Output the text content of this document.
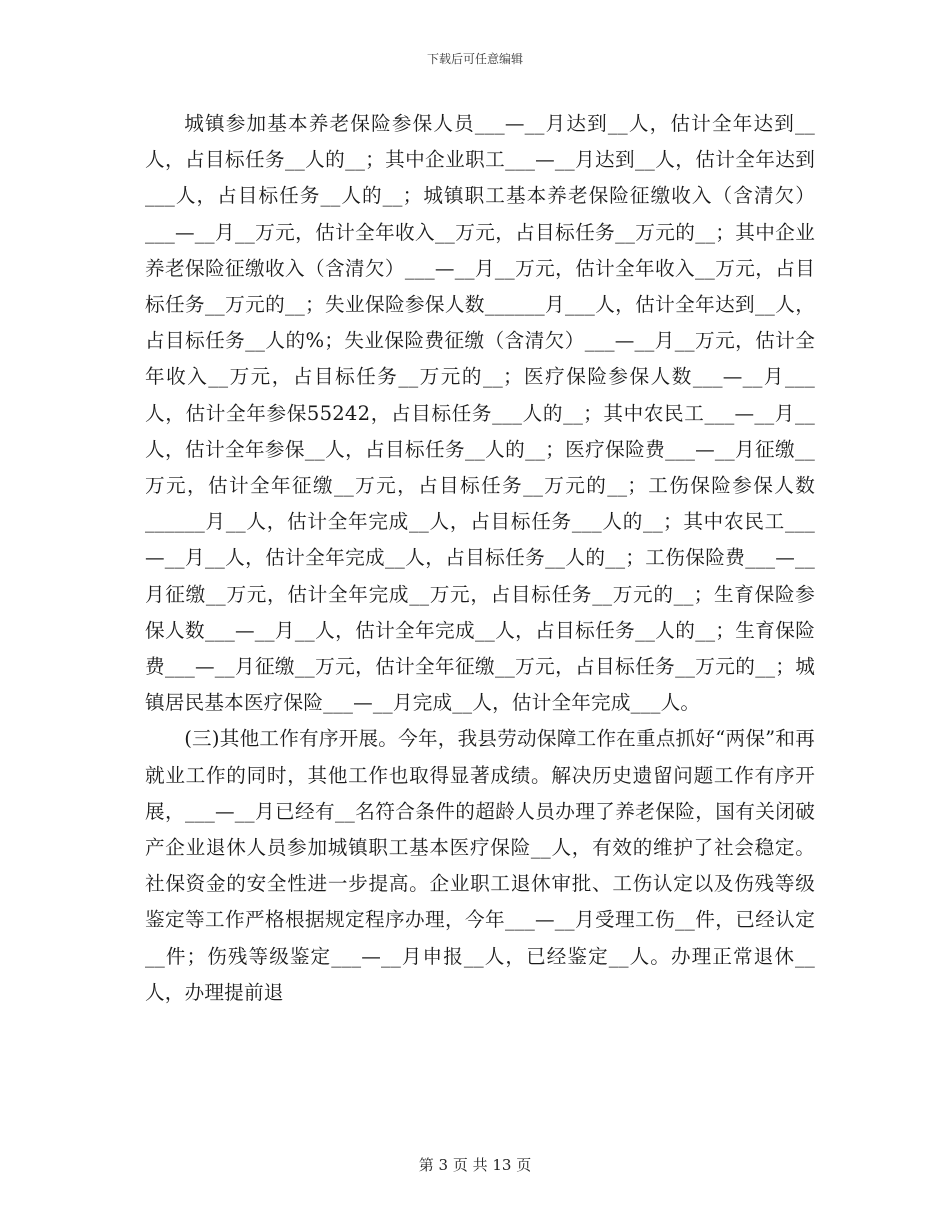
下载后可任意编辑

城镇参加基本养老保险参保人员___—__月达到__人，估计全年达到__人，占目标任务__人的__；其中企业职工___—__月达到__人，估计全年达到___人，占目标任务__人的__；城镇职工基本养老保险征缴收入（含清欠）___—__月__万元，估计全年收入__万元，占目标任务__万元的__；其中企业养老保险征缴收入（含清欠）___—__月__万元，估计全年收入__万元，占目标任务__万元的__；失业保险参保人数______月___人，估计全年达到__人，占目标任务__人的%；失业保险费征缴（含清欠）___—__月__万元，估计全年收入__万元，占目标任务__万元的__；医疗保险参保人数___—__月___人，估计全年参保55242，占目标任务___人的__；其中农民工___—__月__人，估计全年参保__人，占目标任务__人的__；医疗保险费___—__月征缴__万元，估计全年征缴__万元，占目标任务__万元的__；工伤保险参保人数______月__人，估计全年完成__人，占目标任务___人的__；其中农民工___—__月__人，估计全年完成__人，占目标任务__人的__；工伤保险费___—__月征缴__万元，估计全年完成__万元，占目标任务__万元的__；生育保险参保人数___—__月__人，估计全年完成__人，占目标任务__人的__；生育保险费___—__月征缴__万元，估计全年征缴__万元，占目标任务__万元的__；城镇居民基本医疗保险___—__月完成__人，估计全年完成___人。

(三)其他工作有序开展。今年，我县劳动保障工作在重点抓好“两保”和再就业工作的同时，其他工作也取得显著成绩。解决历史遗留问题工作有序开展，___—__月已经有__名符合条件的超龄人员办理了养老保险，国有关闭破产企业退休人员参加城镇职工基本医疗保险__人，有效的维护了社会稳定。社保资金的安全性进一步提高。企业职工退休审批、工伤认定以及伤残等级鉴定等工作严格根据规定程序办理，今年___—__月受理工伤__件，已经认定__件；伤残等级鉴定___—__月申报__人，已经鉴定__人。办理正常退休__人，办理提前退

第 3 页 共 13 页
